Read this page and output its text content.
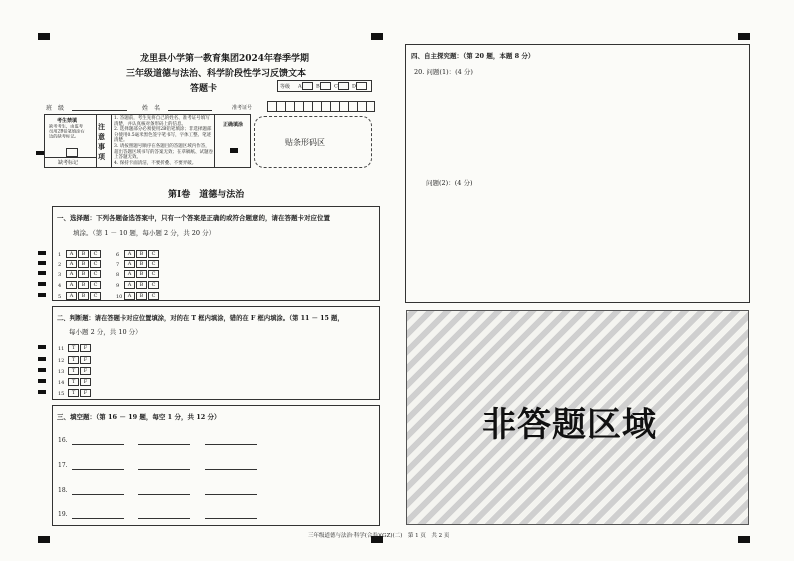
龙里县小学第一教育集团2024年春季学期
三年级道德与法治、科学阶段性学习反馈文本
答题卡	等级 A	B	C	D
班　级	姓　名	准考证号
考生禁填
缺考考生，由监考员用2B铅笔填涂右边的缺考标记。
缺考标记
注意事项
1. 答题前，考生先将自己的姓名、准考证号填写清楚，并认真核对条形码上的信息。
2. 选择题部分必须使用2B铅笔填涂；非选择题部分使用0.5毫米黑色签字笔书写，字体工整、笔迹清楚。
3. 请按照题号顺序在各题目的答题区域内作答，超出答题区域书写的答案无效；在草稿纸、试题卷上答题无效。
4. 保持卡面清洁，不要折叠、不要弄破。
正确填涂
贴条形码区
第Ⅰ卷　道德与法治
一、选择题：下列各题备选答案中，只有一个答案是正确的或符合题意的，请在答题卡对应位置
填涂。（第 1 － 10 题，每小题 2 分，共 20 分）
1 A B C	6 A B C
2 A B C	7 A B C
3 A B C	8 A B C
4 A B C	9 A B C
5 A B C	10 A B C
二、判断题：请在答题卡对应位置填涂，对的在 T 框内填涂，错的在 F 框内填涂。（第 11 － 15 题，
每小题 2 分，共 10 分）
11 T F
12 T F
13 T F
14 T F
15 T F
三、填空题：（第 16 － 19 题，每空 1 分，共 12 分）
16.
17.
18.
19.
四、自主探究题：（第 20 题，本题 8 分）
20. 问题(1)：(4 分)
问题(2)：(4 分)
非答题区域
三年级道德与法治·科学(合卷)(GZ)(二)　第 1 页　共 2 页
